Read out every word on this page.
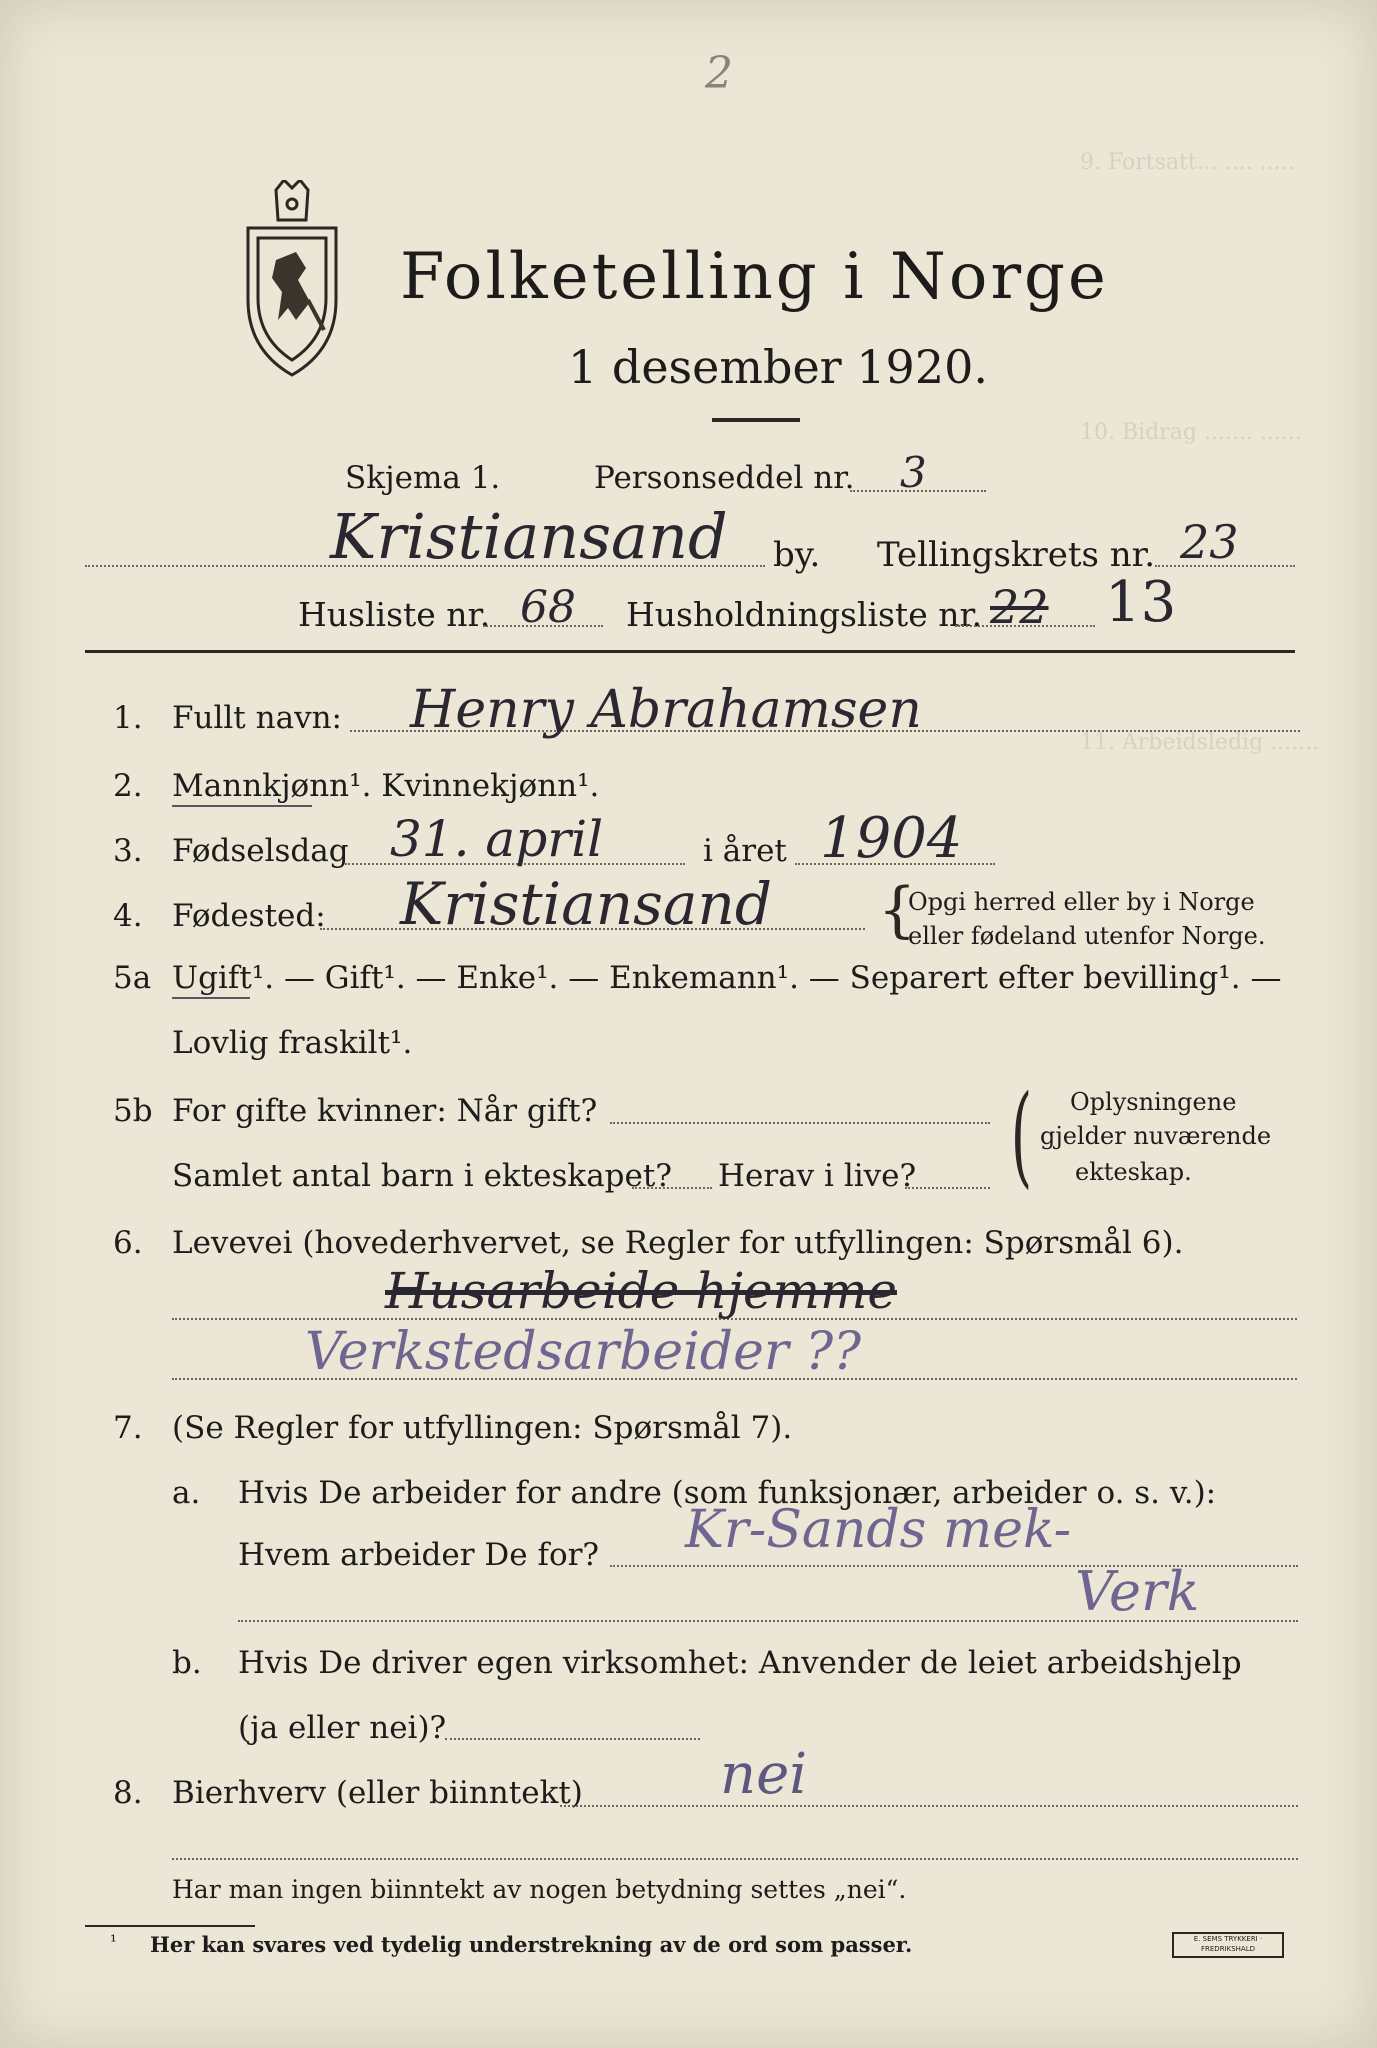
9. Fortsatt... .... .....
10. Bidrag ....... ......
11. Arbeidsledig .......
2
Folketelling i Norge
1 desember 1920.
Skjema 1.	Personseddel nr. 3
Kristiansand by. Tellingskrets nr. 23
Husliste nr. 68 Husholdningsliste nr. 22 13
1. Fullt navn: Henry Abrahamsen
2. Mannkjønn¹. Kvinnekjønn¹.
3. Fødselsdag 31. april	i året 1904
4. Fødested: Kristiansand {
Opgi herred eller by i Norge
eller fødeland utenfor Norge.
5a Ugift¹. — Gift¹. — Enke¹. — Enkemann¹. — Separert efter bevilling¹. —
Lovlig fraskilt¹.
5b For gifte kvinner: Når gift?
Samlet antal barn i ekteskapet? Herav i live? ( Oplysningene
gjelder nuværende
ekteskap.
6. Levevei (hovederhvervet, se Regler for utfyllingen: Spørsmål 6).
Husarbeide hjemme
Verkstedsarbeider ??
7. (Se Regler for utfyllingen: Spørsmål 7).
a. Hvis De arbeider for andre (som funksjonær, arbeider o. s. v.):
Hvem arbeider De for? Kr-Sands mek-
Verk
b. Hvis De driver egen virksomhet: Anvender de leiet arbeidshjelp
(ja eller nei)?
8. Bierhverv (eller biinntekt) nei
Har man ingen biinntekt av nogen betydning settes „nei“.
¹ Her kan svares ved tydelig understrekning av de ord som passer.	E. SEMS TRYKKERI · FREDRIKSHALD
